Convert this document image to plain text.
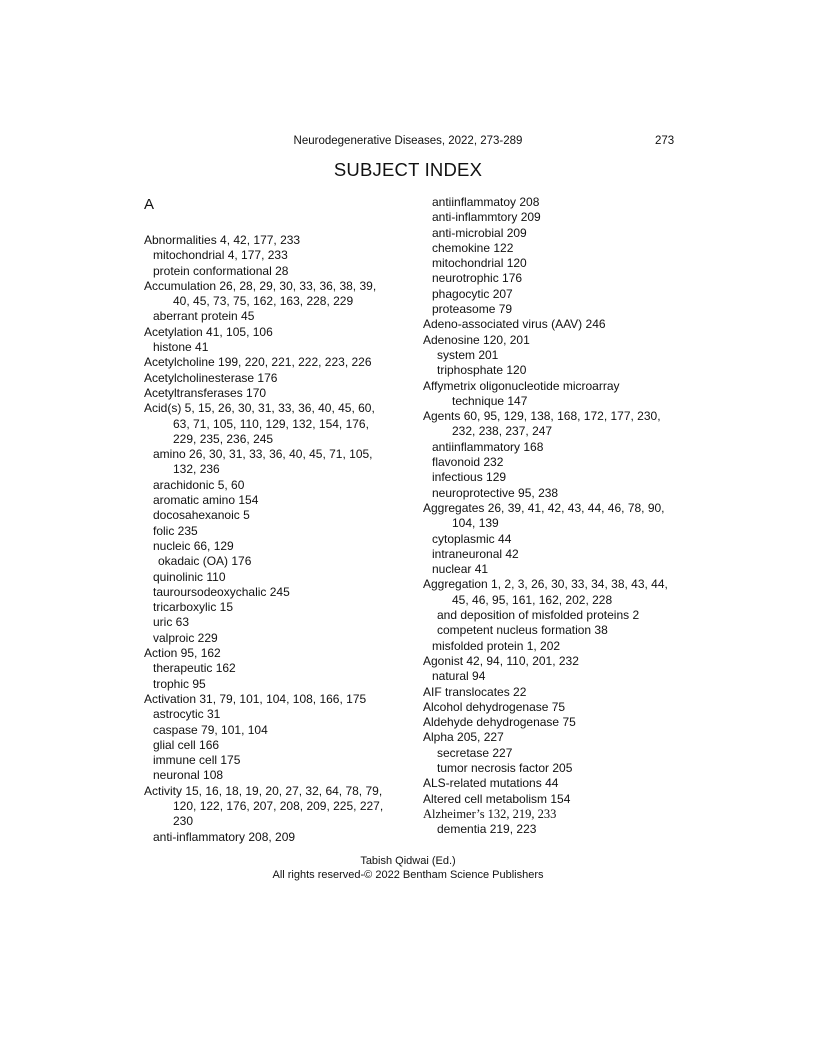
Neurodegenerative Diseases, 2022, 273-289	273
SUBJECT INDEX
A
Abnormalities 4, 42, 177, 233
mitochondrial 4, 177, 233
protein conformational 28
Accumulation 26, 28, 29, 30, 33, 36, 38, 39,
40, 45, 73, 75, 162, 163, 228, 229
aberrant protein 45
Acetylation 41, 105, 106
histone 41
Acetylcholine 199, 220, 221, 222, 223, 226
Acetylcholinesterase 176
Acetyltransferases 170
Acid(s) 5, 15, 26, 30, 31, 33, 36, 40, 45, 60,
63, 71, 105, 110, 129, 132, 154, 176,
229, 235, 236, 245
amino 26, 30, 31, 33, 36, 40, 45, 71, 105,
132, 236
arachidonic 5, 60
aromatic amino 154
docosahexanoic 5
folic 235
nucleic 66, 129
okadaic (OA) 176
quinolinic 110
tauroursodeoxychalic 245
tricarboxylic 15
uric 63
valproic 229
Action 95, 162
therapeutic 162
trophic 95
Activation 31, 79, 101, 104, 108, 166, 175
astrocytic 31
caspase 79, 101, 104
glial cell 166
immune cell 175
neuronal 108
Activity 15, 16, 18, 19, 20, 27, 32, 64, 78, 79,
120, 122, 176, 207, 208, 209, 225, 227,
230
anti-inflammatory 208, 209
antiinflammatoy 208
anti-inflammtory 209
anti-microbial 209
chemokine 122
mitochondrial 120
neurotrophic 176
phagocytic 207
proteasome 79
Adeno-associated virus (AAV) 246
Adenosine 120, 201
system 201
triphosphate 120
Affymetrix oligonucleotide microarray
technique 147
Agents 60, 95, 129, 138, 168, 172, 177, 230,
232, 238, 237, 247
antiinflammatory 168
flavonoid 232
infectious 129
neuroprotective 95, 238
Aggregates 26, 39, 41, 42, 43, 44, 46, 78, 90,
104, 139
cytoplasmic 44
intraneuronal 42
nuclear 41
Aggregation 1, 2, 3, 26, 30, 33, 34, 38, 43, 44,
45, 46, 95, 161, 162, 202, 228
and deposition of misfolded proteins 2
competent nucleus formation 38
misfolded protein 1, 202
Agonist 42, 94, 110, 201, 232
natural 94
AIF translocates 22
Alcohol dehydrogenase 75
Aldehyde dehydrogenase 75
Alpha 205, 227
secretase 227
tumor necrosis factor 205
ALS-related mutations 44
Altered cell metabolism 154
Alzheimer’s 132, 219, 233
dementia 219, 223
Tabish Qidwai (Ed.)
All rights reserved-© 2022 Bentham Science Publishers
